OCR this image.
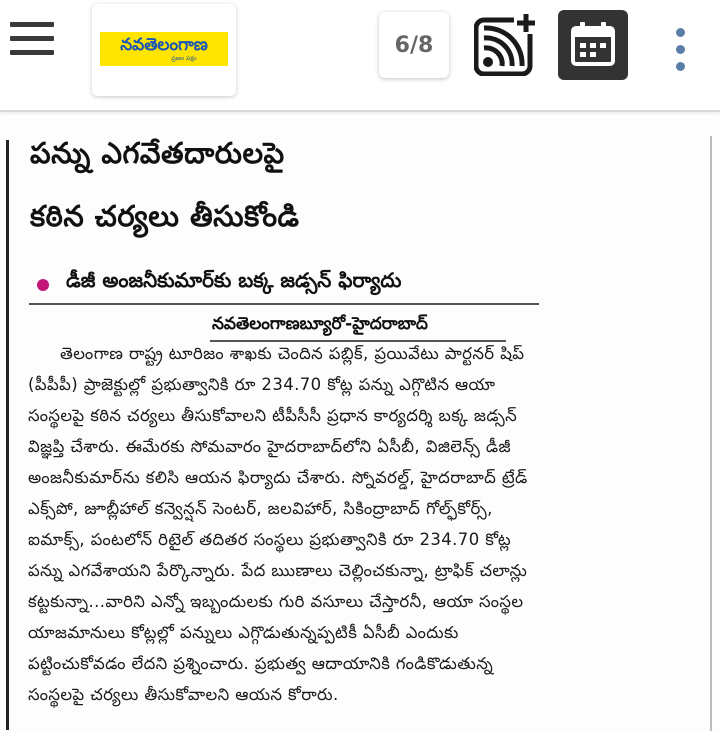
నవతెలంగాణ
ప్రజల పక్షం
6/8
పన్ను ఎగవేతదారులపై
కఠిన చర్యలు తీసుకోండి
డీజీ అంజనీకుమార్‌కు బక్క జడ్సన్ ఫిర్యాదు
నవతెలంగాణబ్యూరో-హైదరాబాద్
తెలంగాణ రాష్ట్ర టూరిజం శాఖకు చెందిన పబ్లిక్, ప్రయివేటు పార్టనర్ షిప్
(పీపీపీ) ప్రాజెక్టుల్లో ప్రభుత్వానికి రూ 234.70 కోట్ల పన్ను ఎగ్గొటిన ఆయా
సంస్థలపై కఠిన చర్యలు తీసుకోవాలని టీపీసీసీ ప్రధాన కార్యదర్శి బక్క జడ్సన్
విజ్ఞప్తి చేశారు. ఈమేరకు సోమవారం హైదరాబాద్‌లోని ఏసీబీ, విజిలెన్స్ డీజీ
అంజనీకుమార్‌ను కలిసి ఆయన ఫిర్యాదు చేశారు. స్నోవరల్డ్, హైదరాబాద్ ట్రేడ్
ఎక్స్‌పో, జూబ్లీహాల్ కన్వెన్షన్ సెంటర్, జలవిహార్, సికింద్రాబాద్ గోల్ఫ్‌కోర్స్,
ఐమాక్స్, పంటలోన్ రిటైల్ తదితర సంస్థలు ప్రభుత్వానికి రూ 234.70 కోట్ల
పన్ను ఎగవేశాయని పేర్కొన్నారు. పేద ఋణాలు చెల్లించకున్నా, ట్రాఫిక్ చలాన్లు
కట్టకున్నా...వారిని ఎన్నో ఇబ్బందులకు గురి వసూలు చేస్తారనీ, ఆయా సంస్థల
యాజమానులు కోట్లల్లో పన్నులు ఎగ్గొడుతున్నప్పటికీ ఏసీబీ ఎందుకు
పట్టించుకోవడం లేదని ప్రశ్నించారు. ప్రభుత్వ ఆదాయానికి గండికొడుతున్న
సంస్థలపై చర్యలు తీసుకోవాలని ఆయన కోరారు.
